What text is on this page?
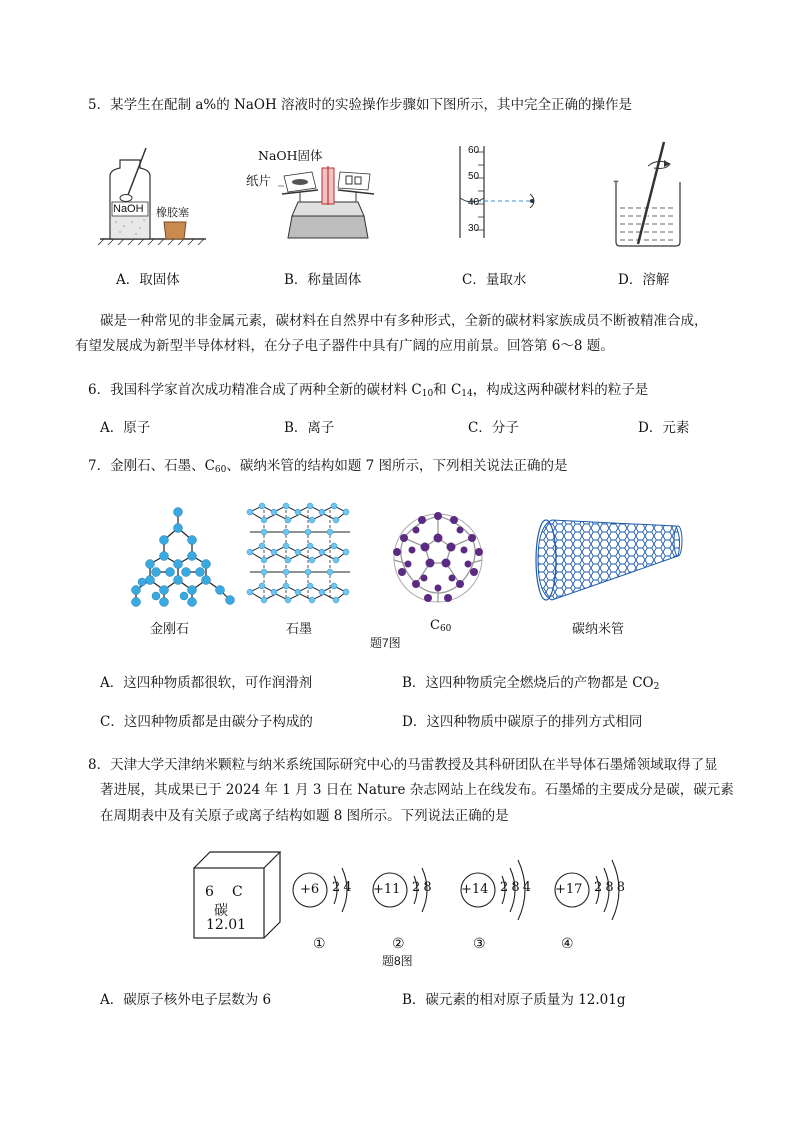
5．某学生在配制 a%的 NaOH 溶液时的实验操作步骤如下图所示，其中完全正确的操作是
NaOH 橡胶塞
NaOH固体
纸片
60
50
40
30
A．取固体	B．称量固体	C．量取水	D．溶解
碳是一种常见的非金属元素，碳材料在自然界中有多种形式，全新的碳材料家族成员不断被精准合成，
有望发展成为新型半导体材料，在分子电子器件中具有广阔的应用前景。回答第 6～8 题。
6．我国科学家首次成功精准合成了两种全新的碳材料 $C_{10}$和 $C_{14}$，构成这两种碳材料的粒子是
A．原子	B．离子	C．分子	D．元素
7．金刚石、石墨、$C_{60}$、碳纳米管的结构如题 7 图所示，下列相关说法正确的是
金刚石	石墨	$C_{60}$	碳纳米管
题7图
A．这四种物质都很软，可作润滑剂	B．这四种物质完全燃烧后的产物都是 $CO_2$
C．这四种物质都是由碳分子构成的	D．这四种物质中碳原子的排列方式相同
8．天津大学天津纳米颗粒与纳米系统国际研究中心的马雷教授及其科研团队在半导体石墨烯领域取得了显
著进展，其成果已于 2024 年 1 月 3 日在 Nature 杂志网站上在线发布。石墨烯的主要成分是碳，碳元素
在周期表中及有关原子或离子结构如题 8 图所示。下列说法正确的是
6 C
碳
12.01
+6 2 4 +11 2 8 +14 2 8 4 +17 2 8 8
①	②	③	④
题8图
A．碳原子核外电子层数为 6	B．碳元素的相对原子质量为 12.01g
